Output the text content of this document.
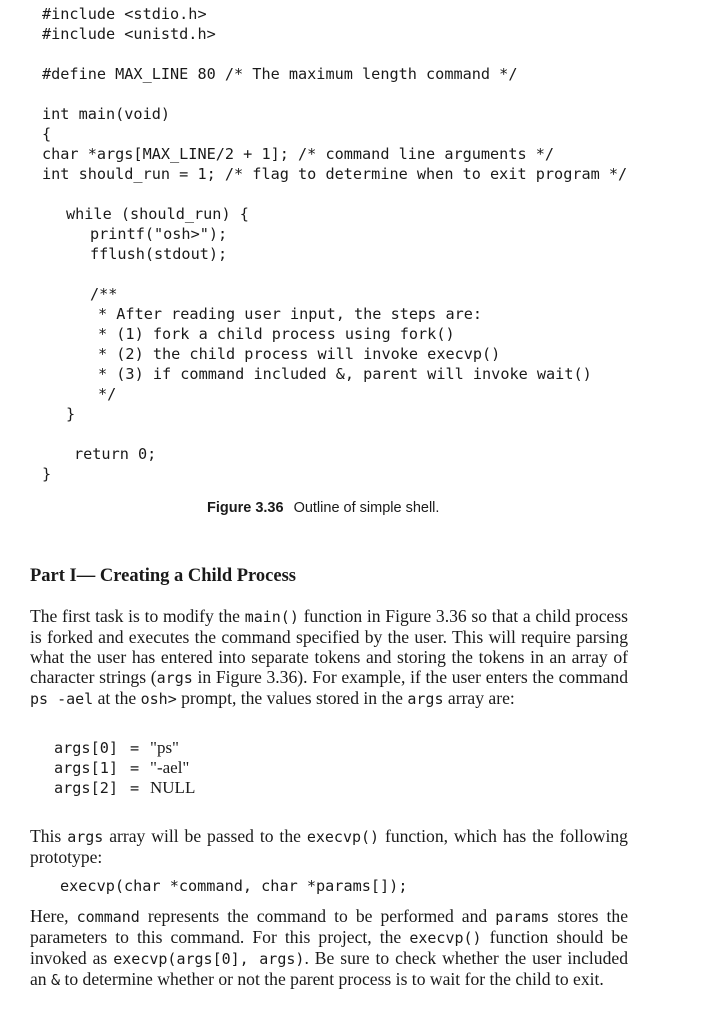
#include <stdio.h>
#include <unistd.h>
#define MAX_LINE 80 /* The maximum length command */
int main(void)
{
char *args[MAX_LINE/2 + 1]; /* command line arguments */
int should_run = 1; /* flag to determine when to exit program */
while (should_run) {
printf("osh>");
fflush(stdout);
/**
* After reading user input, the steps are:
* (1) fork a child process using fork()
* (2) the child process will invoke execvp()
* (3) if command included &, parent will invoke wait()
*/
}
return 0;
}
Figure 3.36 Outline of simple shell.
Part I— Creating a Child Process
The first task is to modify the main() function in Figure 3.36 so that a child process is forked and executes the command specified by the user. This will require parsing what the user has entered into separate tokens and storing the tokens in an array of character strings (args in Figure 3.36). For example, if the user enters the command ps -ael at the osh> prompt, the values stored in the args array are:
args[0] = "ps"
args[1] = "-ael"
args[2] = NULL
This args array will be passed to the execvp() function, which has the following prototype:
execvp(char *command, char *params[]);
Here, command represents the command to be performed and params stores the parameters to this command. For this project, the execvp() function should be invoked as execvp(args[0], args). Be sure to check whether the user included an & to determine whether or not the parent process is to wait for the child to exit.
